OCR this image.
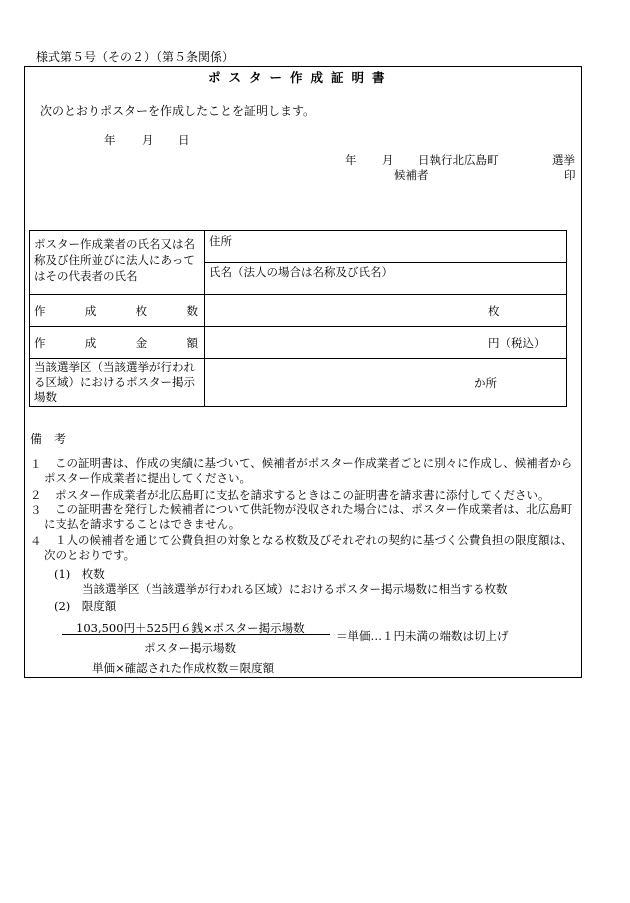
様式第５号（その２）（第５条関係）
ポスター作成証明書
次のとおりポスターを作成したことを証明します。
年 月 日
年 月 日執行北広島町	選挙
候補者	印
ポスター作成業者の氏名又は名称及び住所並びに法人にあってはその代表者の氏名
住所
氏名（法人の場合は名称及び氏名）
作	成	枚	数	枚
作	成	金	額	円（税込）
当該選挙区（当該選挙が行われる区域）におけるポスター掲示場数
か所
備　考
１	この証明書は、作成の実績に基づいて、候補者がポスター作成業者ごとに別々に作成し、候補者からポスター作成業者に提出してください。
２ ポスター作成業者が北広島町に支払を請求するときはこの証明書を請求書に添付してください。
３	この証明書を発行した候補者について供託物が没収された場合には、ポスター作成業者は、北広島町に支払を請求することはできません。
４	１人の候補者を通じて公費負担の対象となる枚数及びそれぞれの契約に基づく公費負担の限度額は、次のとおりです。
(1)　枚数
当該選挙区（当該選挙が行われる区域）におけるポスター掲示場数に相当する枚数
(2)　限度額
103,500円＋525円６銭×ポスター掲示場数
ポスター掲示場数
＝単価…１円未満の端数は切上げ
単価×確認された作成枚数＝限度額
